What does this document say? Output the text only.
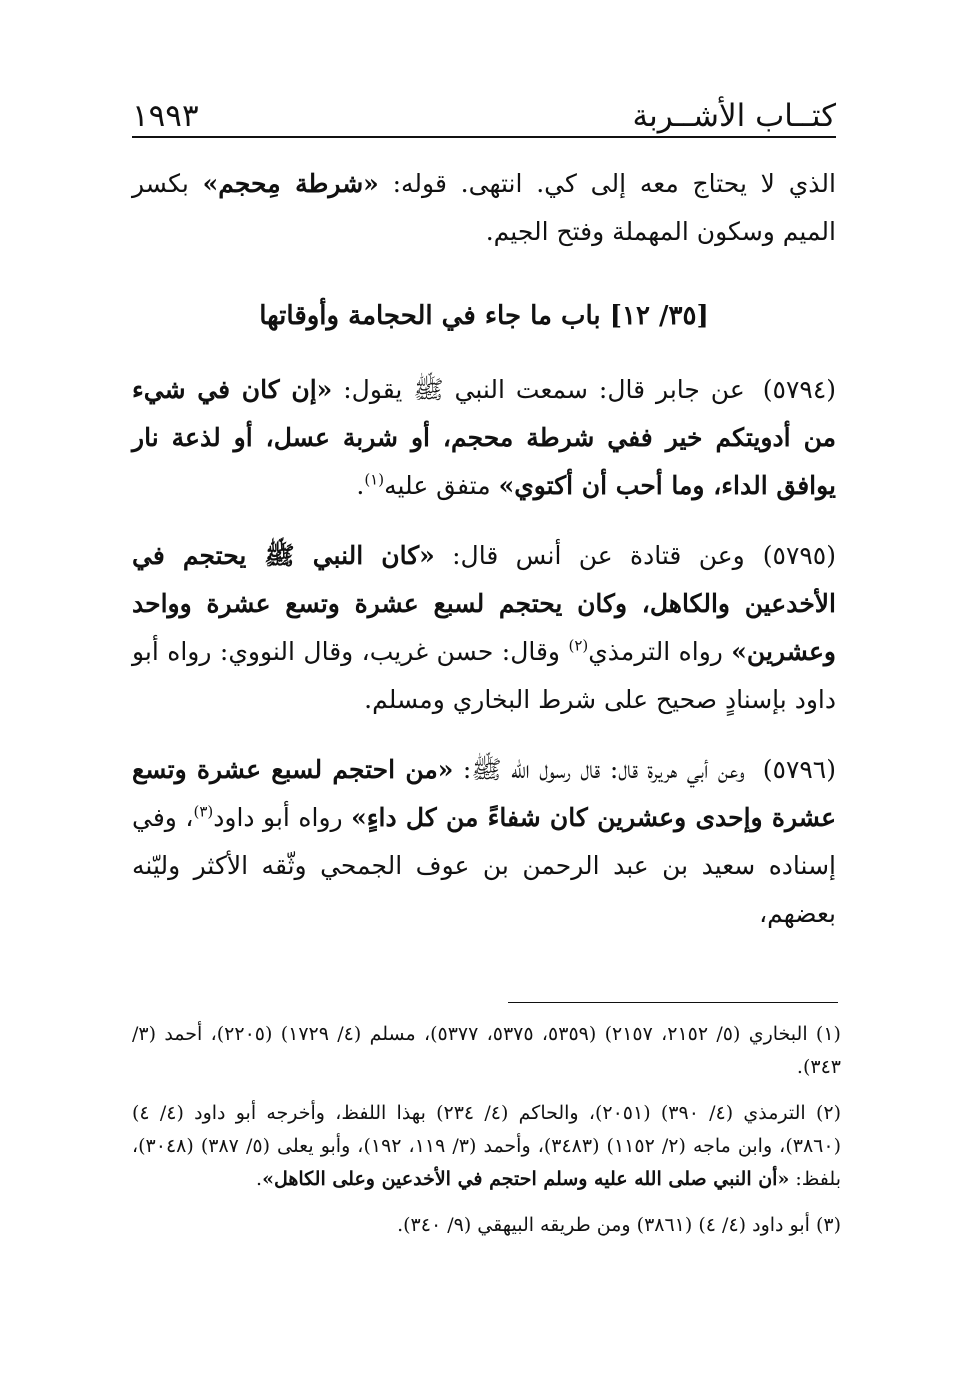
١٩٩٣	كتــاب الأشــربة

الذي لا يحتاج معه إلى كي. انتهى. قوله: «شرطة مِحجم» بكسر الميم وسكون المهملة وفتح الجيم.

[٣٥/ ١٢] باب ما جاء في الحجامة وأوقاتها

(٥٧٩٤)عن جابر قال: سمعت النبي ﷺ يقول: «إن كان في شيء من أدويتكم خير ففي شرطة محجم، أو شربة عسل، أو لذعة نار يوافق الداء، وما أحب أن أكتوي» متفق عليه$^{(١)}$.

(٥٧٩٥)وعن قتادة عن أنس قال: «كان النبي ﷺ يحتجم في الأخدعين والكاهل، وكان يحتجم لسبع عشرة وتسع عشرة وواحد وعشرين» رواه الترمذي$^{(٢)}$ وقال: حسن غريب، وقال النووي: رواه أبو داود بإسنادٍ صحيح على شرط البخاري ومسلم.

(٥٧٩٦)وعن أبي هريرة قال: قال رسول الله ﷺ: «من احتجم لسبع عشرة وتسع عشرة وإحدى وعشرين كان شفاءً من كل داءٍ» رواه أبو داود$^{(٣)}$، وفي إسناده سعيد بن عبد الرحمن بن عوف الجمحي وثّقه الأكثر وليّنه بعضهم،

(١) البخاري (٥/ ٢١٥٢، ٢١٥٧) (٥٣٥٩، ٥٣٧٥، ٥٣٧٧)، مسلم (٤/ ١٧٢٩) (٢٢٠٥)، أحمد (٣/ ٣٤٣).

(٢) الترمذي (٤/ ٣٩٠) (٢٠٥١)، والحاكم (٤/ ٢٣٤) بهذا اللفظ، وأخرجه أبو داود (٤/ ٤) (٣٨٦٠)، وابن ماجه (٢/ ١١٥٢) (٣٤٨٣)، وأحمد (٣/ ١١٩، ١٩٢)، وأبو يعلى (٥/ ٣٨٧) (٣٠٤٨)، بلفظ: «أن النبي صلى الله عليه وسلم احتجم في الأخدعين وعلى الكاهل».

(٣) أبو داود (٤/ ٤) (٣٨٦١) ومن طريقه البيهقي (٩/ ٣٤٠).
